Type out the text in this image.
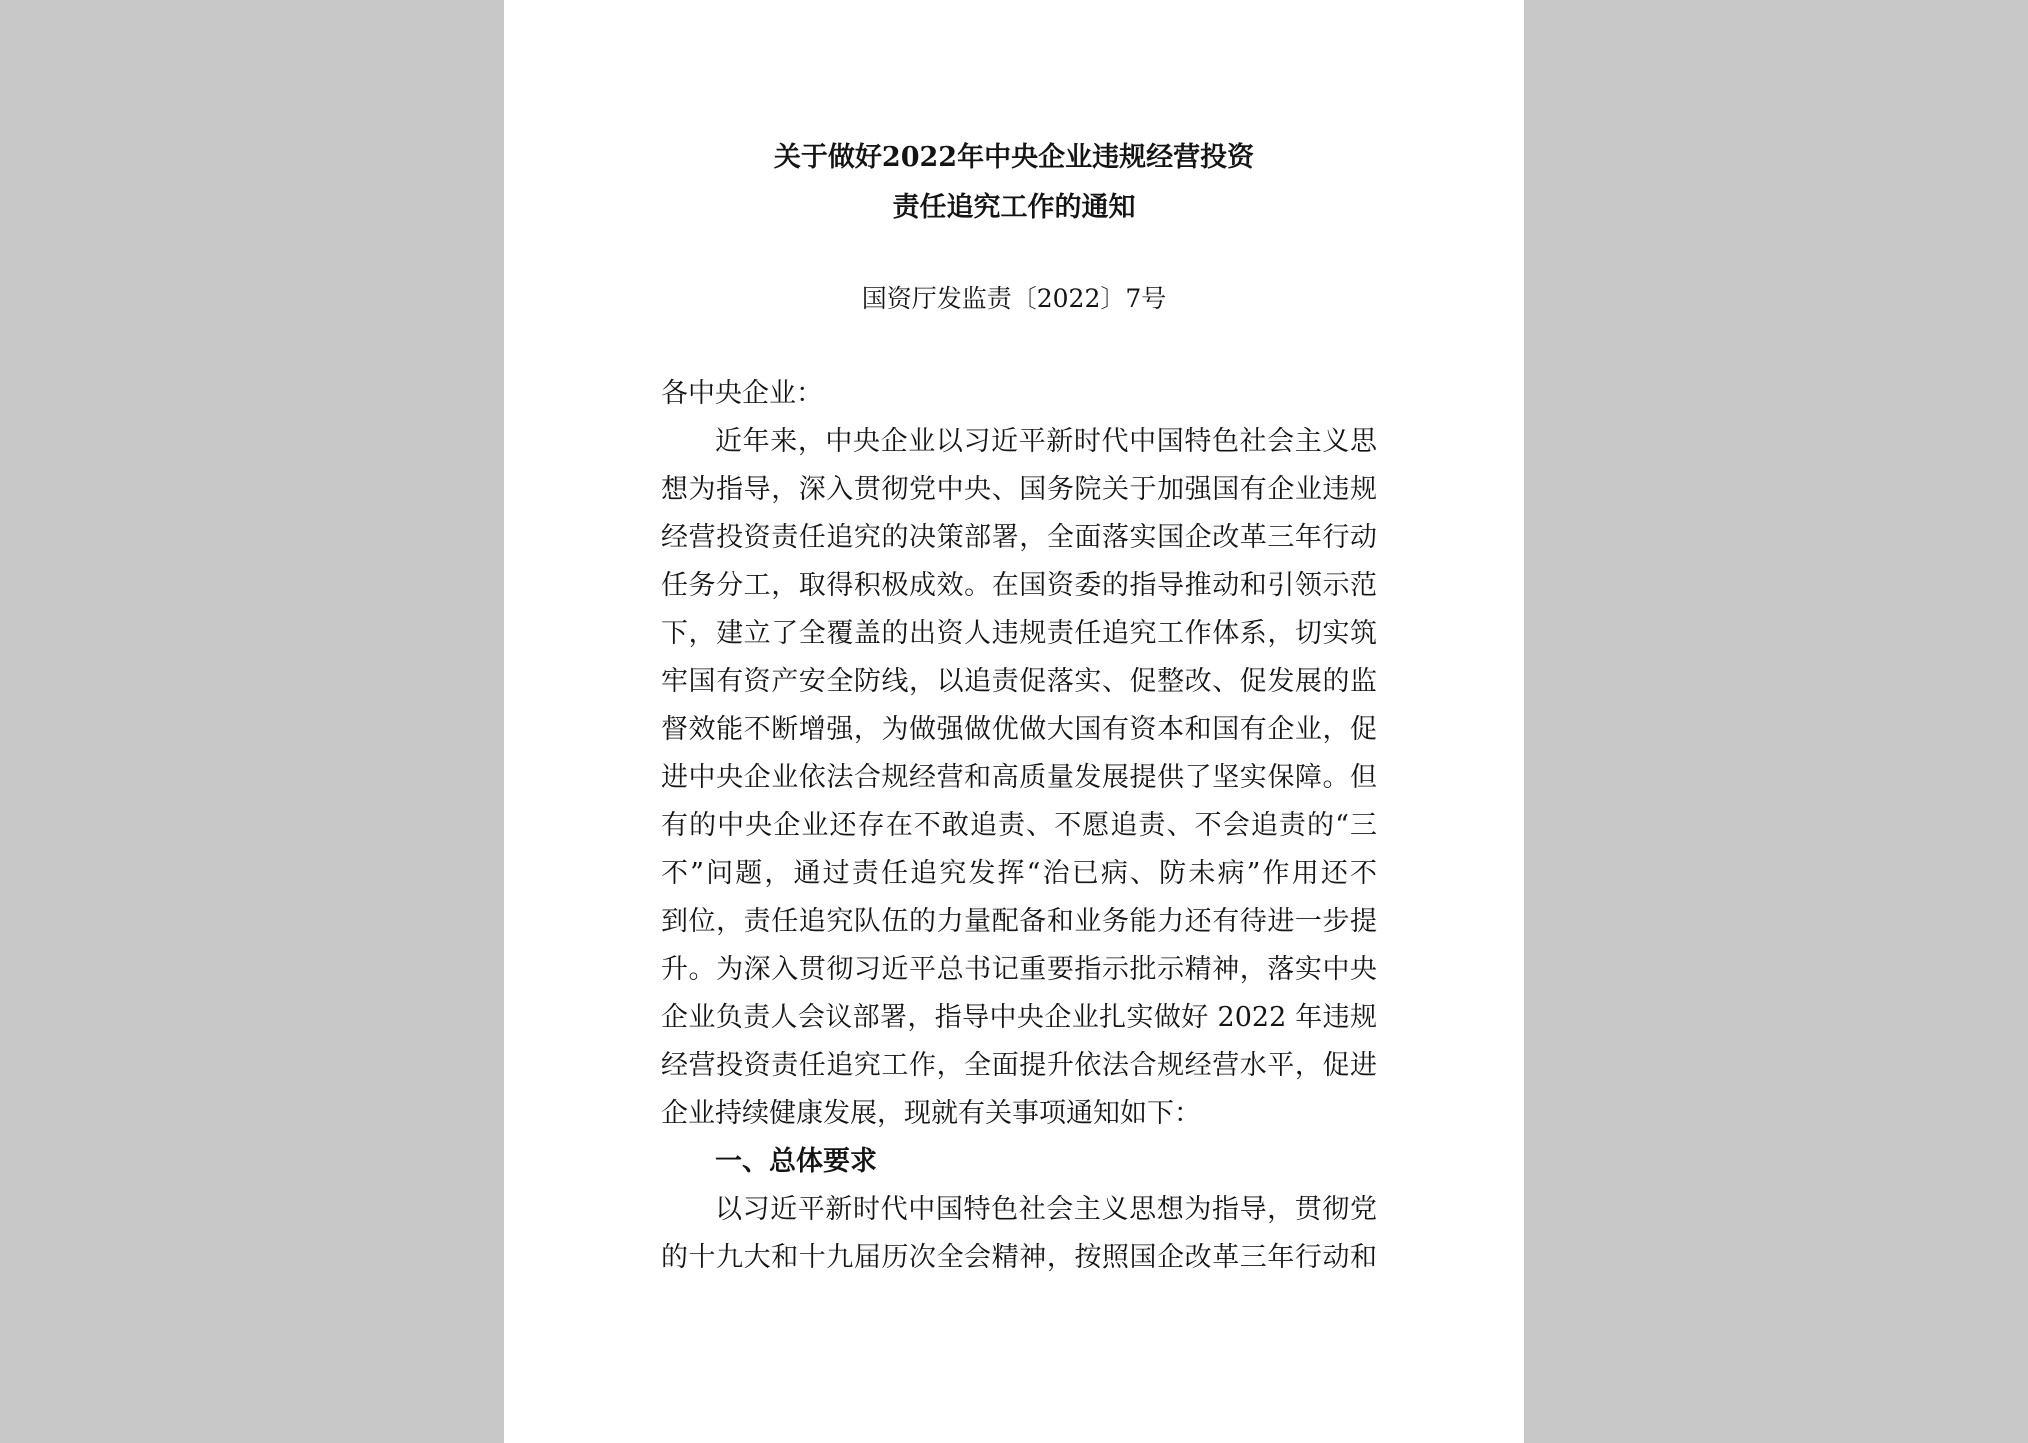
关于做好2022年中央企业违规经营投资
责任追究工作的通知
国资厅发监责〔2022〕7号
各中央企业：
近年来，中央企业以习近平新时代中国特色社会主义思
想为指导，深入贯彻党中央、国务院关于加强国有企业违规
经营投资责任追究的决策部署，全面落实国企改革三年行动
任务分工，取得积极成效。在国资委的指导推动和引领示范
下，建立了全覆盖的出资人违规责任追究工作体系，切实筑
牢国有资产安全防线，以追责促落实、促整改、促发展的监
督效能不断增强，为做强做优做大国有资本和国有企业，促
进中央企业依法合规经营和高质量发展提供了坚实保障。但
有的中央企业还存在不敢追责、不愿追责、不会追责的“三
不”问题，通过责任追究发挥“治已病、防未病”作用还不
到位，责任追究队伍的力量配备和业务能力还有待进一步提
升。为深入贯彻习近平总书记重要指示批示精神，落实中央
企业负责人会议部署，指导中央企业扎实做好 2022 年违规
经营投资责任追究工作，全面提升依法合规经营水平，促进
企业持续健康发展，现就有关事项通知如下：
一、总体要求
以习近平新时代中国特色社会主义思想为指导，贯彻党
的十九大和十九届历次全会精神，按照国企改革三年行动和
